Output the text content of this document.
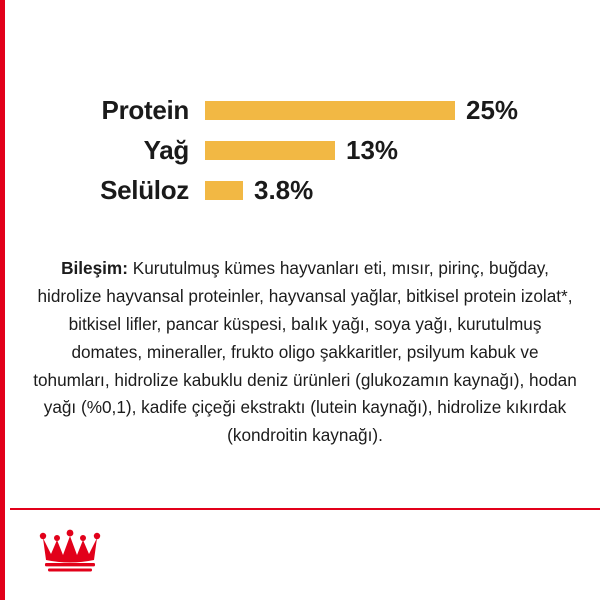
Protein	25%
Yağ	13%
Selüloz	3.8%

Bileşim: Kurutulmuş kümes hayvanları eti, mısır, pirinç, buğday, hidrolize hayvansal proteinler, hayvansal yağlar, bitkisel protein izolat*, bitkisel lifler, pancar küspesi, balık yağı, soya yağı, kurutulmuş domates, mineraller, frukto oligo şakkaritler, psilyum kabuk ve tohumları, hidrolize kabuklu deniz ürünleri (glukozamın kaynağı), hodan yağı (%0,1), kadife çiçeği ekstraktı (lutein kaynağı), hidrolize kıkırdak (kondroitin kaynağı).
